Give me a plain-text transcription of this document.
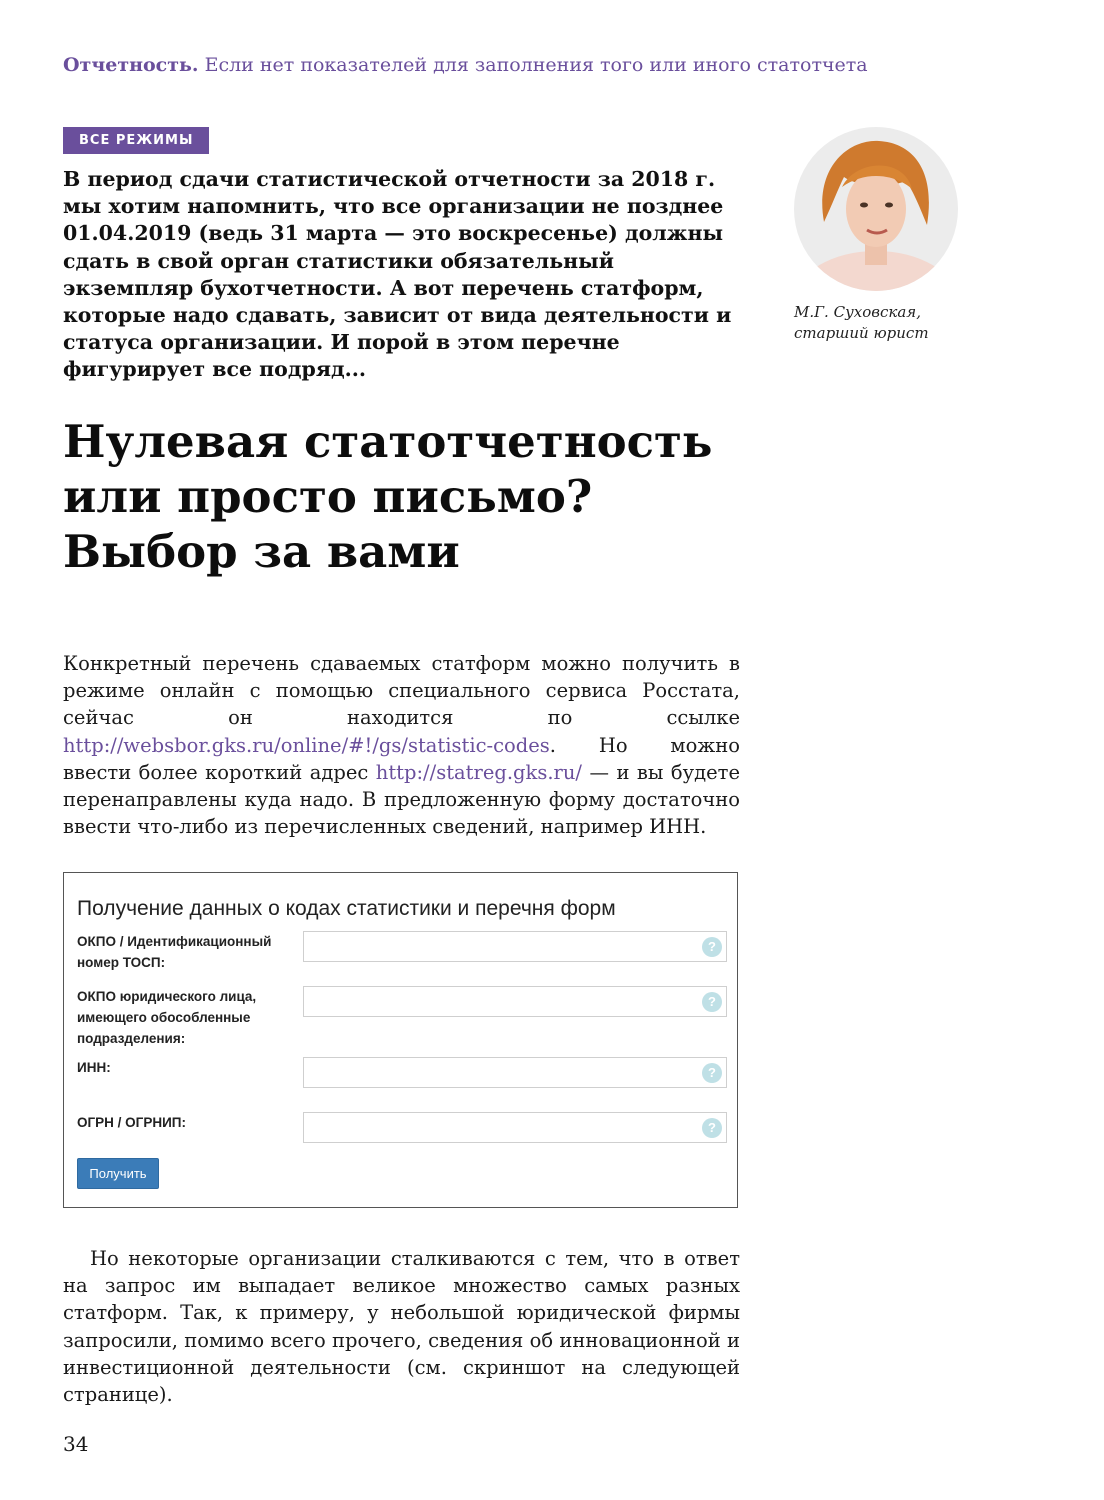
Отчетность. Если нет показателей для заполнения того или иного статотчета
ВСЕ РЕЖИМЫ

В период сдачи статистической отчетности за 2018 г. мы хотим напомнить, что все организации не позднее 01.04.2019 (ведь 31 марта — это воскресенье) должны сдать в свой орган статистики обязательный экземпляр бухотчетности. А вот перечень статформ, которые надо сдавать, зависит от вида деятельности и статуса организации. И порой в этом перечне фигурирует все подряд...

М.Г. Суховская,
старший юрист
Нулевая статотчетность
или просто письмо?
Выбор за вами

Конкретный перечень сдаваемых статформ можно получить в режиме онлайн с помощью специального сервиса Росстата, сейчас он находится по ссылке http://websbor.gks.ru/online/#!/gs/statistic-codes. Но можно ввести более короткий адрес http://statreg.gks.ru/ — и вы будете перенаправлены куда надо. В предложенную форму достаточно ввести что-либо из перечисленных сведений, например ИНН.

Получение данных о кодах статистики и перечня форм
ОКПО / Идентификационный номер ТОСП:
?
ОКПО юридического лица, имеющего обособленные подразделения:
?
ИНН:	?
ОГРН / ОГРНИП:	?
Получить

Но некоторые организации сталкиваются с тем, что в ответ на запрос им выпадает великое множество самых разных статформ. Так, к примеру, у небольшой юридической фирмы запросили, помимо всего прочего, сведения об инновационной и инвестиционной деятельности (см. скриншот на следующей странице).

34
